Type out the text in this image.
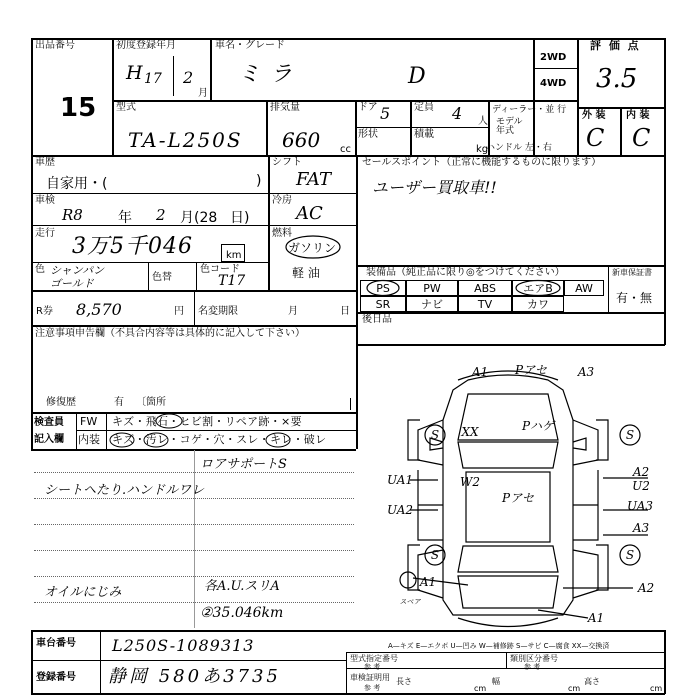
出品番号
15
初度登録年月
H 17 2
月
車名・グレード
ミラ	D
2WD
4WD
評 価 点
3.5
外 装 内 装
C C
型式
TA-L250S
排気量
660 cc
ドア 5 定員 4 人
形状	積載
kg
ディーラー・並 行
モデル
年式
ハンドル 左・右
車歴
自家用・(	)
シフト
FAT
車検
R8	年 2 月(28 日)
冷房
AC
走行
3万5千046	km
燃料
ガソリン
軽 油
色 シャンパン
ゴールド	色替
色コード
T17
R券 8,570	円 名変期限	月	日
セールスポイント（正常に機能するものに限ります）
ユーザー買取車!!
装備品（純正品に限り◎をつけてください）
PS	PW	ABS	エアB	AW
SR	ナビ	TV	カワ
新車保証書
有・無
後日品
注意事項申告欄（不具合内容等は具体的に記入して下さい）
修復歴	有 〔箇所
検査員
記入欄
FW キズ・飛石・ヒビ割・リペア跡・×要
内装 キズ・汚レ・コゲ・穴・スレ・キレ・破レ
ロアサポートS
シートヘたり.ハンドルワレ
オイルにじみ	各A.U.スリA
②35.046km
A1 Pアセ	A3
Pハゲ
XX
S	S
S	S
UA1
UA2
W2
Pアセ
A2
U2
UA3
A3
A1	A2
A1
スペア
A—キズ E—エクボ U—凹み W—補修跡 S—サビ C—腐食 XX—交換済
車台番号 L250S-1089313
登録番号 静岡 580あ3735
型式指定番号
参 考
類別区分番号
参 考
車検証明用
参 考
長さ
cm
幅
cm
高さ
cm
